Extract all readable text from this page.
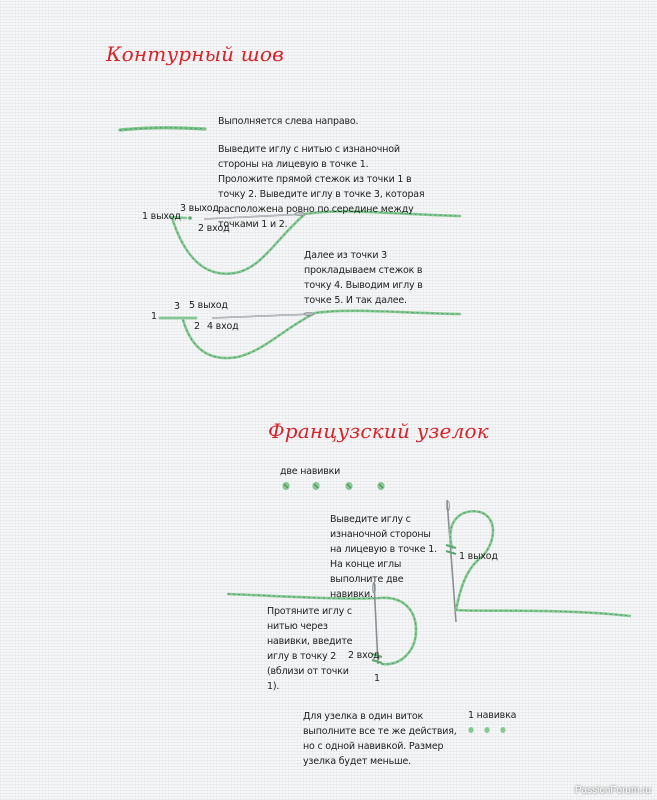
Контурный шов
Выполняется слева направо.
Выведите иглу с нитью с изнаночной стороны на лицевую в точке 1. Проложите прямой стежок из точки 1 в точку 2. Выведите иглу в точке 3, которая расположена ровно по середине между точками 1 и 2.
Далее из точки 3 прокладываем стежок в точку 4. Выводим иглу в точке 5. И так далее.
1 выход
3 выход
2 вход
1
3 5 выход
2 4 вход
Французский узелок
две навивки
Выведите иглу с изнаночной стороны на лицевую в точке 1. На конце иглы выполните две навивки.
1 выход
Протяните иглу с нитью через навивки, введите иглу в точку 2 (вблизи от точки 1).
2 вход
1
Для узелка в один виток выполните все те же действия, но с одной навивкой. Размер узелка будет меньше.
1 навивка
PassionForum.ru
